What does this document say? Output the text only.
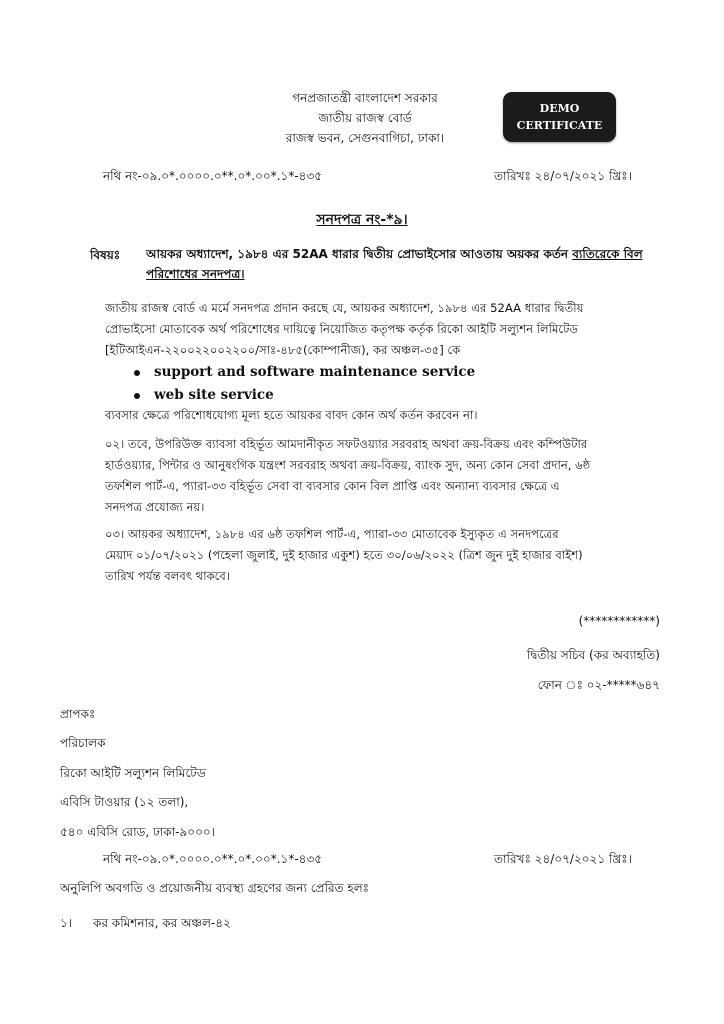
গনপ্রজাতন্ত্রী বাংলাদেশ সরকার
জাতীয় রাজস্ব বোর্ড
রাজস্ব ভবন, সেগুনবাগিচা, ঢাকা।
DEMO
CERTIFICATE
নথি নং-০৯.০*.০০০০.০**.০*.০০*.১*-৪৩৫	তারিখঃ ২৪/০৭/২০২১ খ্রিঃ।
সনদপত্র নং-*৯।
বিষয়ঃ আয়কর অধ্যাদেশ, ১৯৮৪ এর 52AA ধারার দ্বিতীয় প্রোভাইসোর আওতায় অয়কর কর্তন ব্যতিরেকে বিল
পরিশোধের সনদপত্র।
জাতীয় রাজস্ব বোর্ড এ মর্মে সনদপত্র প্রদান করছে যে, আয়কর অধ্যাদেশ, ১৯৮৪ এর 52AA ধারার দ্বিতীয়
প্রোভাইসো মোতাবেক অর্থ পরিশোধের দায়িত্বে নিয়োজিত কতৃপক্ষ কর্তৃক রিকো আইটি সল্যুশন লিমিটেড
[ইটিআইএন-২২০০২২০০২২০০/সাঃ-৪৮৫(কোম্পানীজ), কর অঞ্চল-৩৫] কে
support and software maintenance service
web site service
ব্যবসার ক্ষেত্রে পরিশোধযোগ্য মূল্য হতে আয়কর বাবদ কোন অর্থ কর্তন করবেন না।
০২। তবে, উপরিউক্ত ব্যাবসা বহির্ভূত আমদানীকৃত সফটওয়্যার সরবরাহ অথবা ক্রয়-বিক্রয় এবং কম্পিউটার
হার্ডওয়্যার, পিন্টার ও আনুষংগিক যন্ত্রংশ সরবরাহ অথবা ক্রয়-বিক্রয়, ব্যাংক সুদ, অন্য কোন সেবা প্রদান, ৬ষ্ঠ
তফশিল পার্ট-এ, প্যারা-৩৩ বহির্ভূত সেবা বা ব্যবসার কোন বিল প্রাপ্তি এবং অন্যান্য ব্যবসার ক্ষেত্রে এ
সনদপত্র প্রযোজ্য নয়।
০৩। আয়কর অধ্যাদেশ, ১৯৮৪ এর ৬ষ্ঠ তফশিল পার্ট-এ, প্যারা-৩৩ মোতাবেক ইস্যুকৃত এ সনদপত্রের
মেয়াদ ০১/০৭/২০২১ (পহেলা জুলাই, দুই হাজার একুশ) হতে ৩০/০৬/২০২২ (ত্রিশ জুন দুই হাজার বাইশ)
তারিখ পর্যন্ত বলবৎ থাকবে।
(************)
দ্বিতীয় সচিব (কর অব্যাহতি)
ফোন ঃ ০২-*****৬৪৭
প্রাপকঃ
পরিচালক
রিকো আইটি সল্যুশন লিমিটেড
এবিসি টাওয়ার (১২ তলা),
৫৪০ এবিসি রোড, ঢাকা-৯০০০।
নথি নং-০৯.০*.০০০০.০**.০*.০০*.১*-৪৩৫	তারিখঃ ২৪/০৭/২০২১ খ্রিঃ।
অনুলিপি অবগতি ও প্রয়োজনীয় ব্যবস্থ্য গ্রহণের জন্য প্রেরিত হলঃ
১। কর কমিশনার, কর অঞ্চল-৪২
